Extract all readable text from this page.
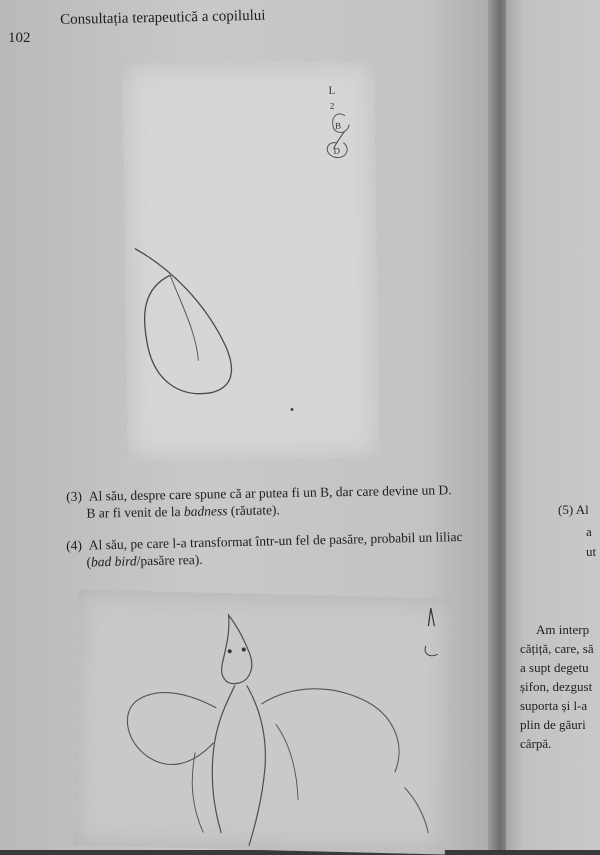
102
Consultația terapeutică a copilului
L
2
B
D
(3) Al său, despre care spune că ar putea fi un B, dar care devine un D.
B ar fi venit de la badness (răutate).
(4) Al său, pe care l-a transformat într-un fel de pasăre, probabil un liliac
(bad bird/pasăre rea).
(5) Al
a
ut
Am interp
cățiță, care, să
a supt degetu
șifon, dezgust
suporta și l-a
plin de găuri
cârpă.
